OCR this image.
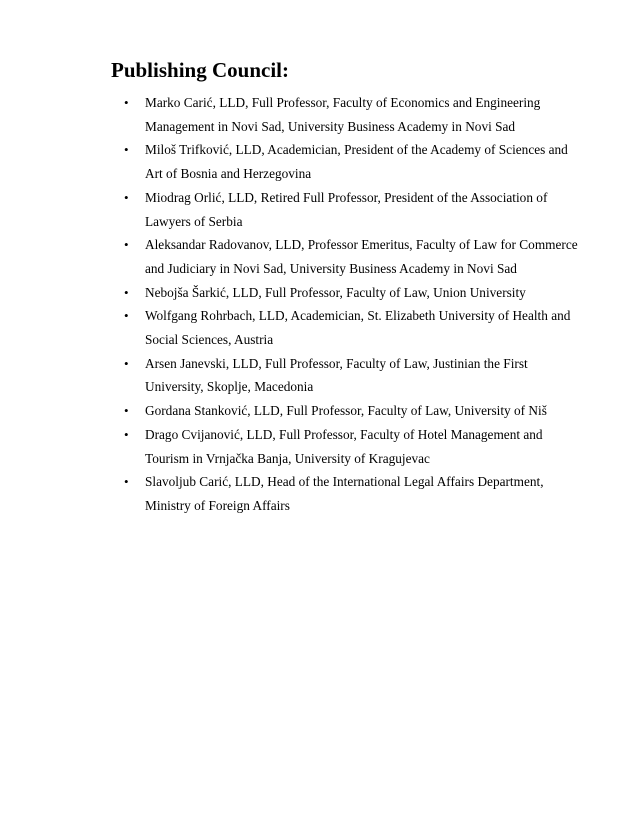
Publishing Council:
• Marko Carić, LLD, Full Professor, Faculty of Economics and Engineering Management in Novi Sad, University Business Academy in Novi Sad
• Miloš Trifković, LLD, Academician, President of the Academy of Sciences and Art of Bosnia and Herzegovina
• Miodrag Orlić, LLD, Retired Full Professor, President of the Association of Lawyers of Serbia
• Aleksandar Radovanov, LLD, Professor Emeritus, Faculty of Law for Commerce and Judiciary in Novi Sad, University Business Academy in Novi Sad
• Nebojša Šarkić, LLD, Full Professor, Faculty of Law, Union University
• Wolfgang Rohrbach, LLD, Academician, St. Elizabeth University of Health and Social Sciences, Austria
• Arsen Janevski, LLD, Full Professor, Faculty of Law, Justinian the First University, Skoplje, Macedonia
• Gordana Stanković, LLD, Full Professor, Faculty of Law, University of Niš
• Drago Cvijanović, LLD, Full Professor, Faculty of Hotel Management and Tourism in Vrnjačka Banja, University of Kragujevac
• Slavoljub Carić, LLD, Head of the International Legal Affairs Department, Ministry of Foreign Affairs
